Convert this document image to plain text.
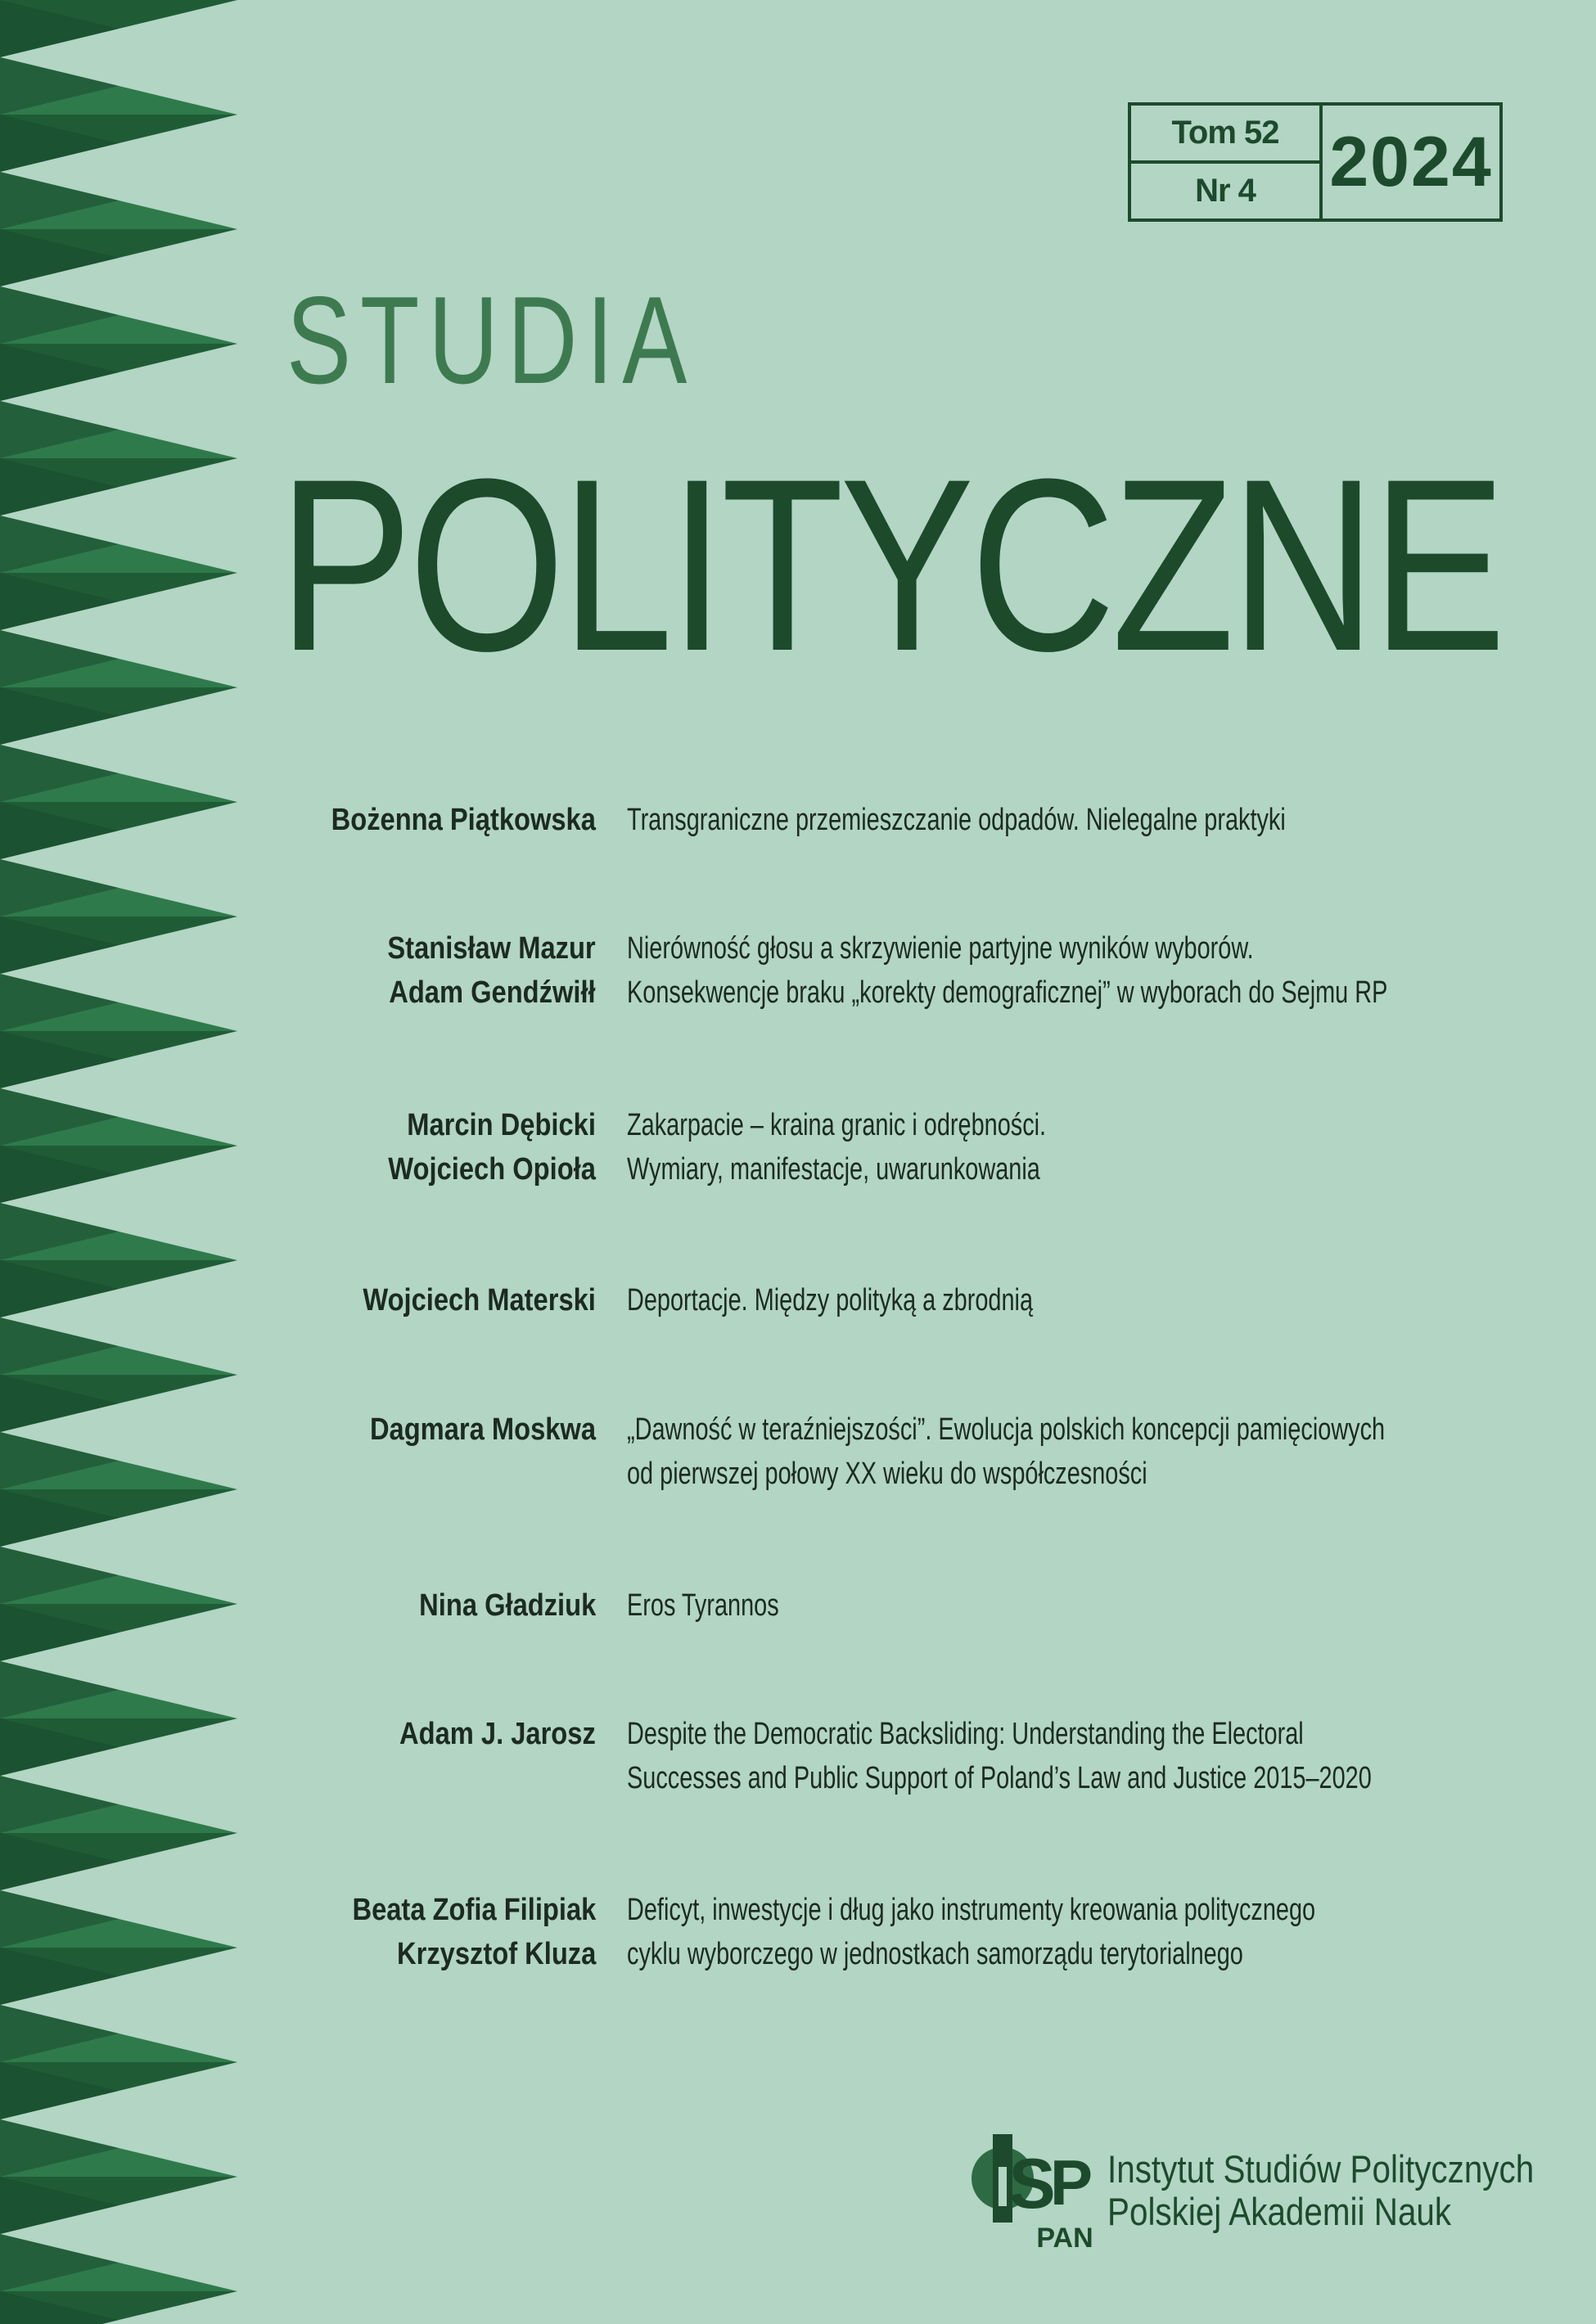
Tom 52
Nr 4	2024
STUDIA
POLITYCZNE
Bożenna Piątkowska Transgraniczne przemieszczanie odpadów. Nielegalne praktyki
Stanisław Mazur
Adam Gendźwiłł
Nierówność głosu a skrzywienie partyjne wyników wyborów.
Konsekwencje braku „korekty demograficznej” w wyborach do Sejmu RP
Marcin Dębicki
Wojciech Opioła
Zakarpacie – kraina granic i odrębności.
Wymiary, manifestacje, uwarunkowania
Wojciech Materski Deportacje. Między polityką a zbrodnią
Dagmara Moskwa „Dawność w teraźniejszości”. Ewolucja polskich koncepcji pamięciowych
od pierwszej połowy XX wieku do współczesności
Nina Gładziuk Eros Tyrannos
Adam J. Jarosz Despite the Democratic Backsliding: Understanding the Electoral
Successes and Public Support of Poland’s Law and Justice 2015–2020
Beata Zofia Filipiak
Krzysztof Kluza
Deficyt, inwestycje i dług jako instrumenty kreowania politycznego
cyklu wyborczego w jednostkach samorządu terytorialnego
I
S
P
PAN
Instytut Studiów Politycznych
Polskiej Akademii Nauk
